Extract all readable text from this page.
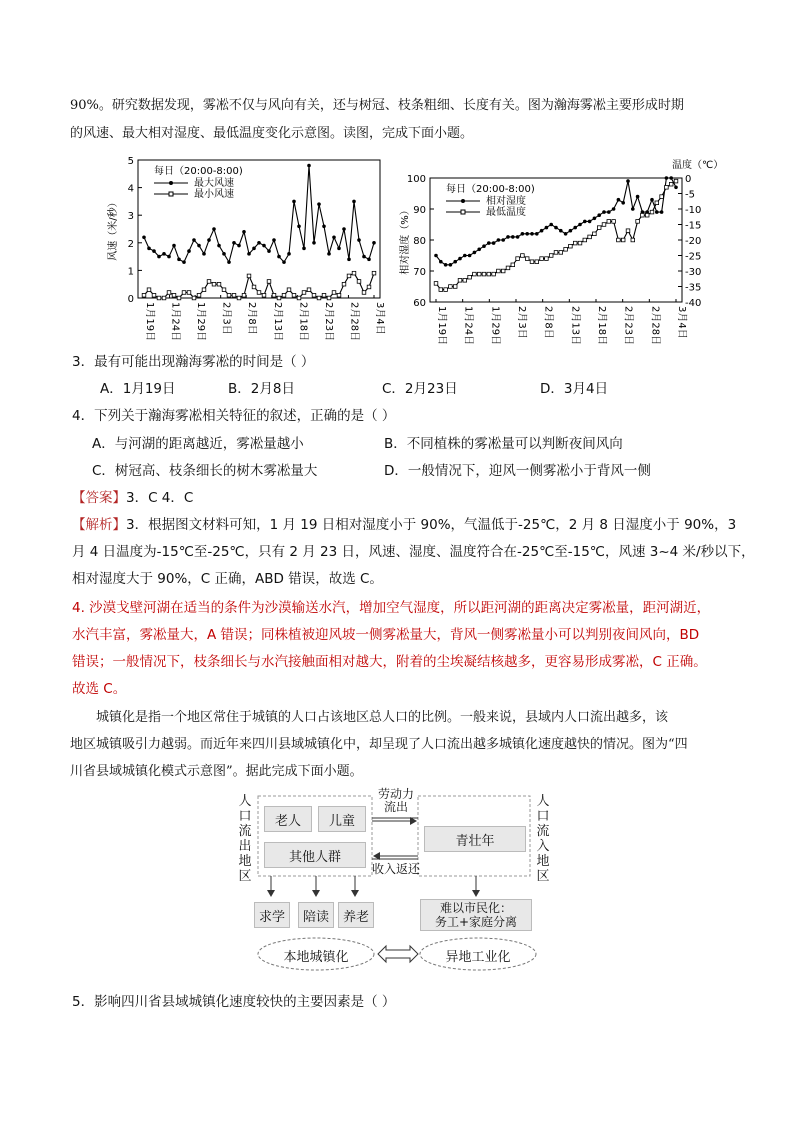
90%。研究数据发现，雾凇不仅与风向有关，还与树冠、枝条粗细、长度有关。图为瀚海雾凇主要形成时期
的风速、最大相对湿度、最低温度变化示意图。读图，完成下面小题。
0
1
2
3
4
5
风速（米/秒）
1月19日 1月24日 1月29日 2月3日 2月8日 2月13日 2月18日 2月23日 2月28日 3月4日
每日（20:00-8:00)
最大风速
最小风速
60
70
80
90
100
相对湿度（%）
0
-5
-10
-15
-20
-25
-30
-35
-40
温度（℃）
1月19日 1月24日 1月29日 2月3日 2月8日 2月13日 2月18日 2月23日 2月28日 3月4日
每日（20:00-8:00)
相对湿度
最低温度
3．最有可能出现瀚海雾凇的时间是（ ）
A．1月19日	B．2月8日	C．2月23日	D．3月4日
4．下列关于瀚海雾凇相关特征的叙述，正确的是（ ）
A．与河湖的距离越近，雾凇量越小	B．不同植株的雾凇量可以判断夜间风向
C．树冠高、枝条细长的树木雾凇量大	D．一般情况下，迎风一侧雾凇小于背风一侧
【答案】3．C 4．C
【解析】3．根据图文材料可知，1 月 19 日相对湿度小于 90%，气温低于-25℃，2 月 8 日湿度小于 90%，3
月 4 日温度为-15℃至-25℃，只有 2 月 23 日，风速、湿度、温度符合在-25℃至-15℃，风速 3~4 米/秒以下，
相对湿度大于 90%，C 正确，ABD 错误，故选 C。
4. 沙漠戈壁河湖在适当的条件为沙漠输送水汽，增加空气湿度，所以距河湖的距离决定雾凇量，距河湖近，
水汽丰富，雾凇量大，A 错误；同株植被迎风坡一侧雾凇量大，背风一侧雾凇量小可以判别夜间风向，BD
错误；一般情况下，枝条细长与水汽接触面相对越大，附着的尘埃凝结核越多，更容易形成雾凇，C 正确。
故选 C。
城镇化是指一个地区常住于城镇的人口占该地区总人口的比例。一般来说，县域内人口流出越多，该
地区城镇吸引力越弱。而近年来四川县域城镇化中，却呈现了人口流出越多城镇化速度越快的情况。图为“四
川省县域城镇化模式示意图”。据此完成下面小题。
人口流出地区
人口流入地区
老人	儿童
其他人群
青壮年
劳动力流出
收入返还
求学	陪读	养老
难以市民化：
务工+家庭分离
本地城镇化	异地工业化
5．影响四川省县域城镇化速度较快的主要因素是（ ）
